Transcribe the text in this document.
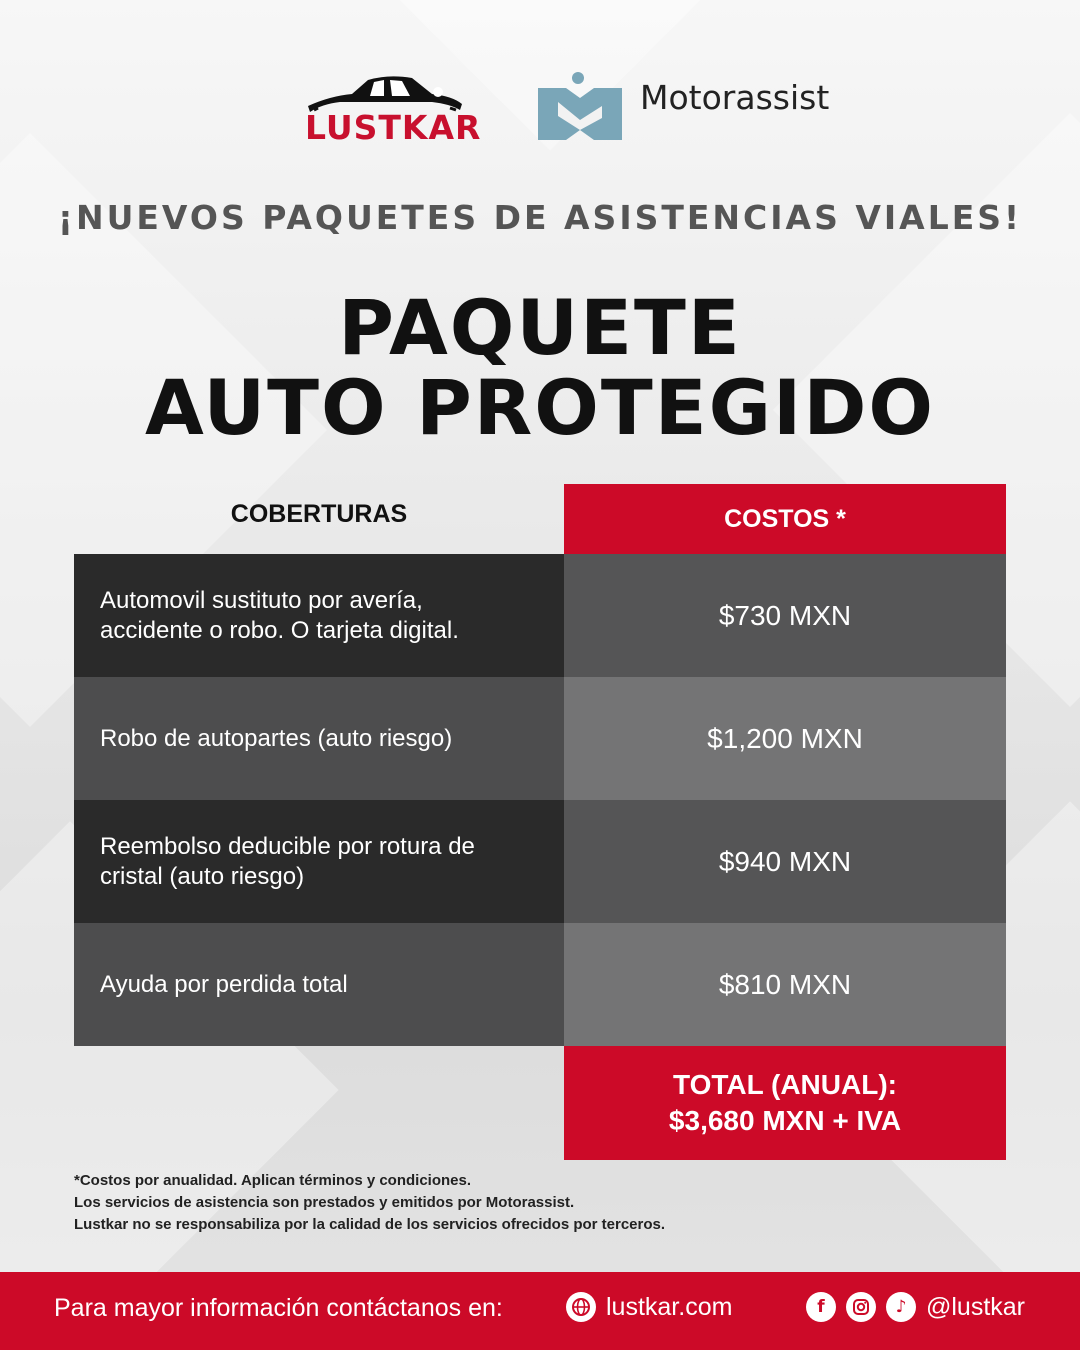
LUSTKAR
Motorassist
¡NUEVOS PAQUETES DE ASISTENCIAS VIALES!
PAQUETE
AUTO PROTEGIDO
COBERTURAS	COSTOS *
Automovil sustituto por avería, accidente o robo. O tarjeta digital.	$730 MXN
Robo de autopartes (auto riesgo)	$1,200 MXN
Reembolso deducible por rotura de cristal (auto riesgo)	$940 MXN
Ayuda por perdida total	$810 MXN
TOTAL (ANUAL):
$3,680 MXN + IVA
*Costos por anualidad. Aplican términos y condiciones.
Los servicios de asistencia son prestados y emitidos por Motorassist.
Lustkar no se responsabiliza por la calidad de los servicios ofrecidos por terceros.
Para mayor información contáctanos en:	lustkar.com	f	♪ @lustkar
